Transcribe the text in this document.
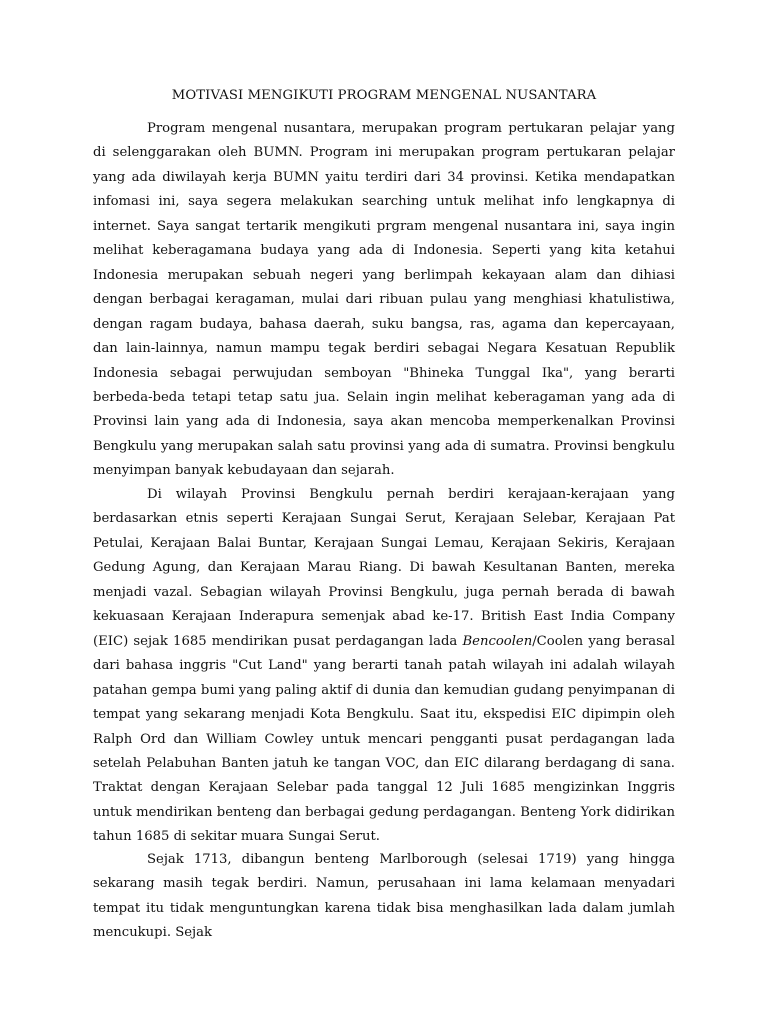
MOTIVASI MENGIKUTI PROGRAM MENGENAL NUSANTARA

Program mengenal nusantara, merupakan program pertukaran pelajar yang di selenggarakan oleh BUMN. Program ini merupakan program pertukaran pelajar yang ada diwilayah kerja BUMN yaitu terdiri dari 34 provinsi. Ketika mendapatkan infomasi ini, saya segera melakukan searching untuk melihat info lengkapnya di internet. Saya sangat tertarik mengikuti prgram mengenal nusantara ini, saya ingin melihat keberagamana budaya yang ada di Indonesia. Seperti yang kita ketahui Indonesia merupakan sebuah negeri yang berlimpah kekayaan alam dan dihiasi dengan berbagai keragaman, mulai dari ribuan pulau yang menghiasi khatulistiwa, dengan ragam budaya, bahasa daerah, suku bangsa, ras, agama dan kepercayaan, dan lain-lainnya, namun mampu tegak berdiri sebagai Negara Kesatuan Republik Indonesia sebagai perwujudan semboyan "Bhineka Tunggal Ika", yang berarti berbeda-beda tetapi tetap satu jua. Selain ingin melihat keberagaman yang ada di Provinsi lain yang ada di Indonesia, saya akan mencoba memperkenalkan Provinsi Bengkulu yang merupakan salah satu provinsi yang ada di sumatra. Provinsi bengkulu menyimpan banyak kebudayaan dan sejarah.

Di wilayah Provinsi Bengkulu pernah berdiri kerajaan-kerajaan yang berdasarkan etnis seperti Kerajaan Sungai Serut, Kerajaan Selebar, Kerajaan Pat Petulai, Kerajaan Balai Buntar, Kerajaan Sungai Lemau, Kerajaan Sekiris, Kerajaan Gedung Agung, dan Kerajaan Marau Riang. Di bawah Kesultanan Banten, mereka menjadi vazal. Sebagian wilayah Provinsi Bengkulu, juga pernah berada di bawah kekuasaan Kerajaan Inderapura semenjak abad ke-17. British East India Company (EIC) sejak 1685 mendirikan pusat perdagangan lada Bencoolen/Coolen yang berasal dari bahasa inggris "Cut Land" yang berarti tanah patah wilayah ini adalah wilayah patahan gempa bumi yang paling aktif di dunia dan kemudian gudang penyimpanan di tempat yang sekarang menjadi Kota Bengkulu. Saat itu, ekspedisi EIC dipimpin oleh Ralph Ord dan William Cowley untuk mencari pengganti pusat perdagangan lada setelah Pelabuhan Banten jatuh ke tangan VOC, dan EIC dilarang berdagang di sana. Traktat dengan Kerajaan Selebar pada tanggal 12 Juli 1685 mengizinkan Inggris untuk mendirikan benteng dan berbagai gedung perdagangan. Benteng York didirikan tahun 1685 di sekitar muara Sungai Serut.

Sejak 1713, dibangun benteng Marlborough (selesai 1719) yang hingga sekarang masih tegak berdiri. Namun, perusahaan ini lama kelamaan menyadari tempat itu tidak menguntungkan karena tidak bisa menghasilkan lada dalam jumlah mencukupi. Sejak
